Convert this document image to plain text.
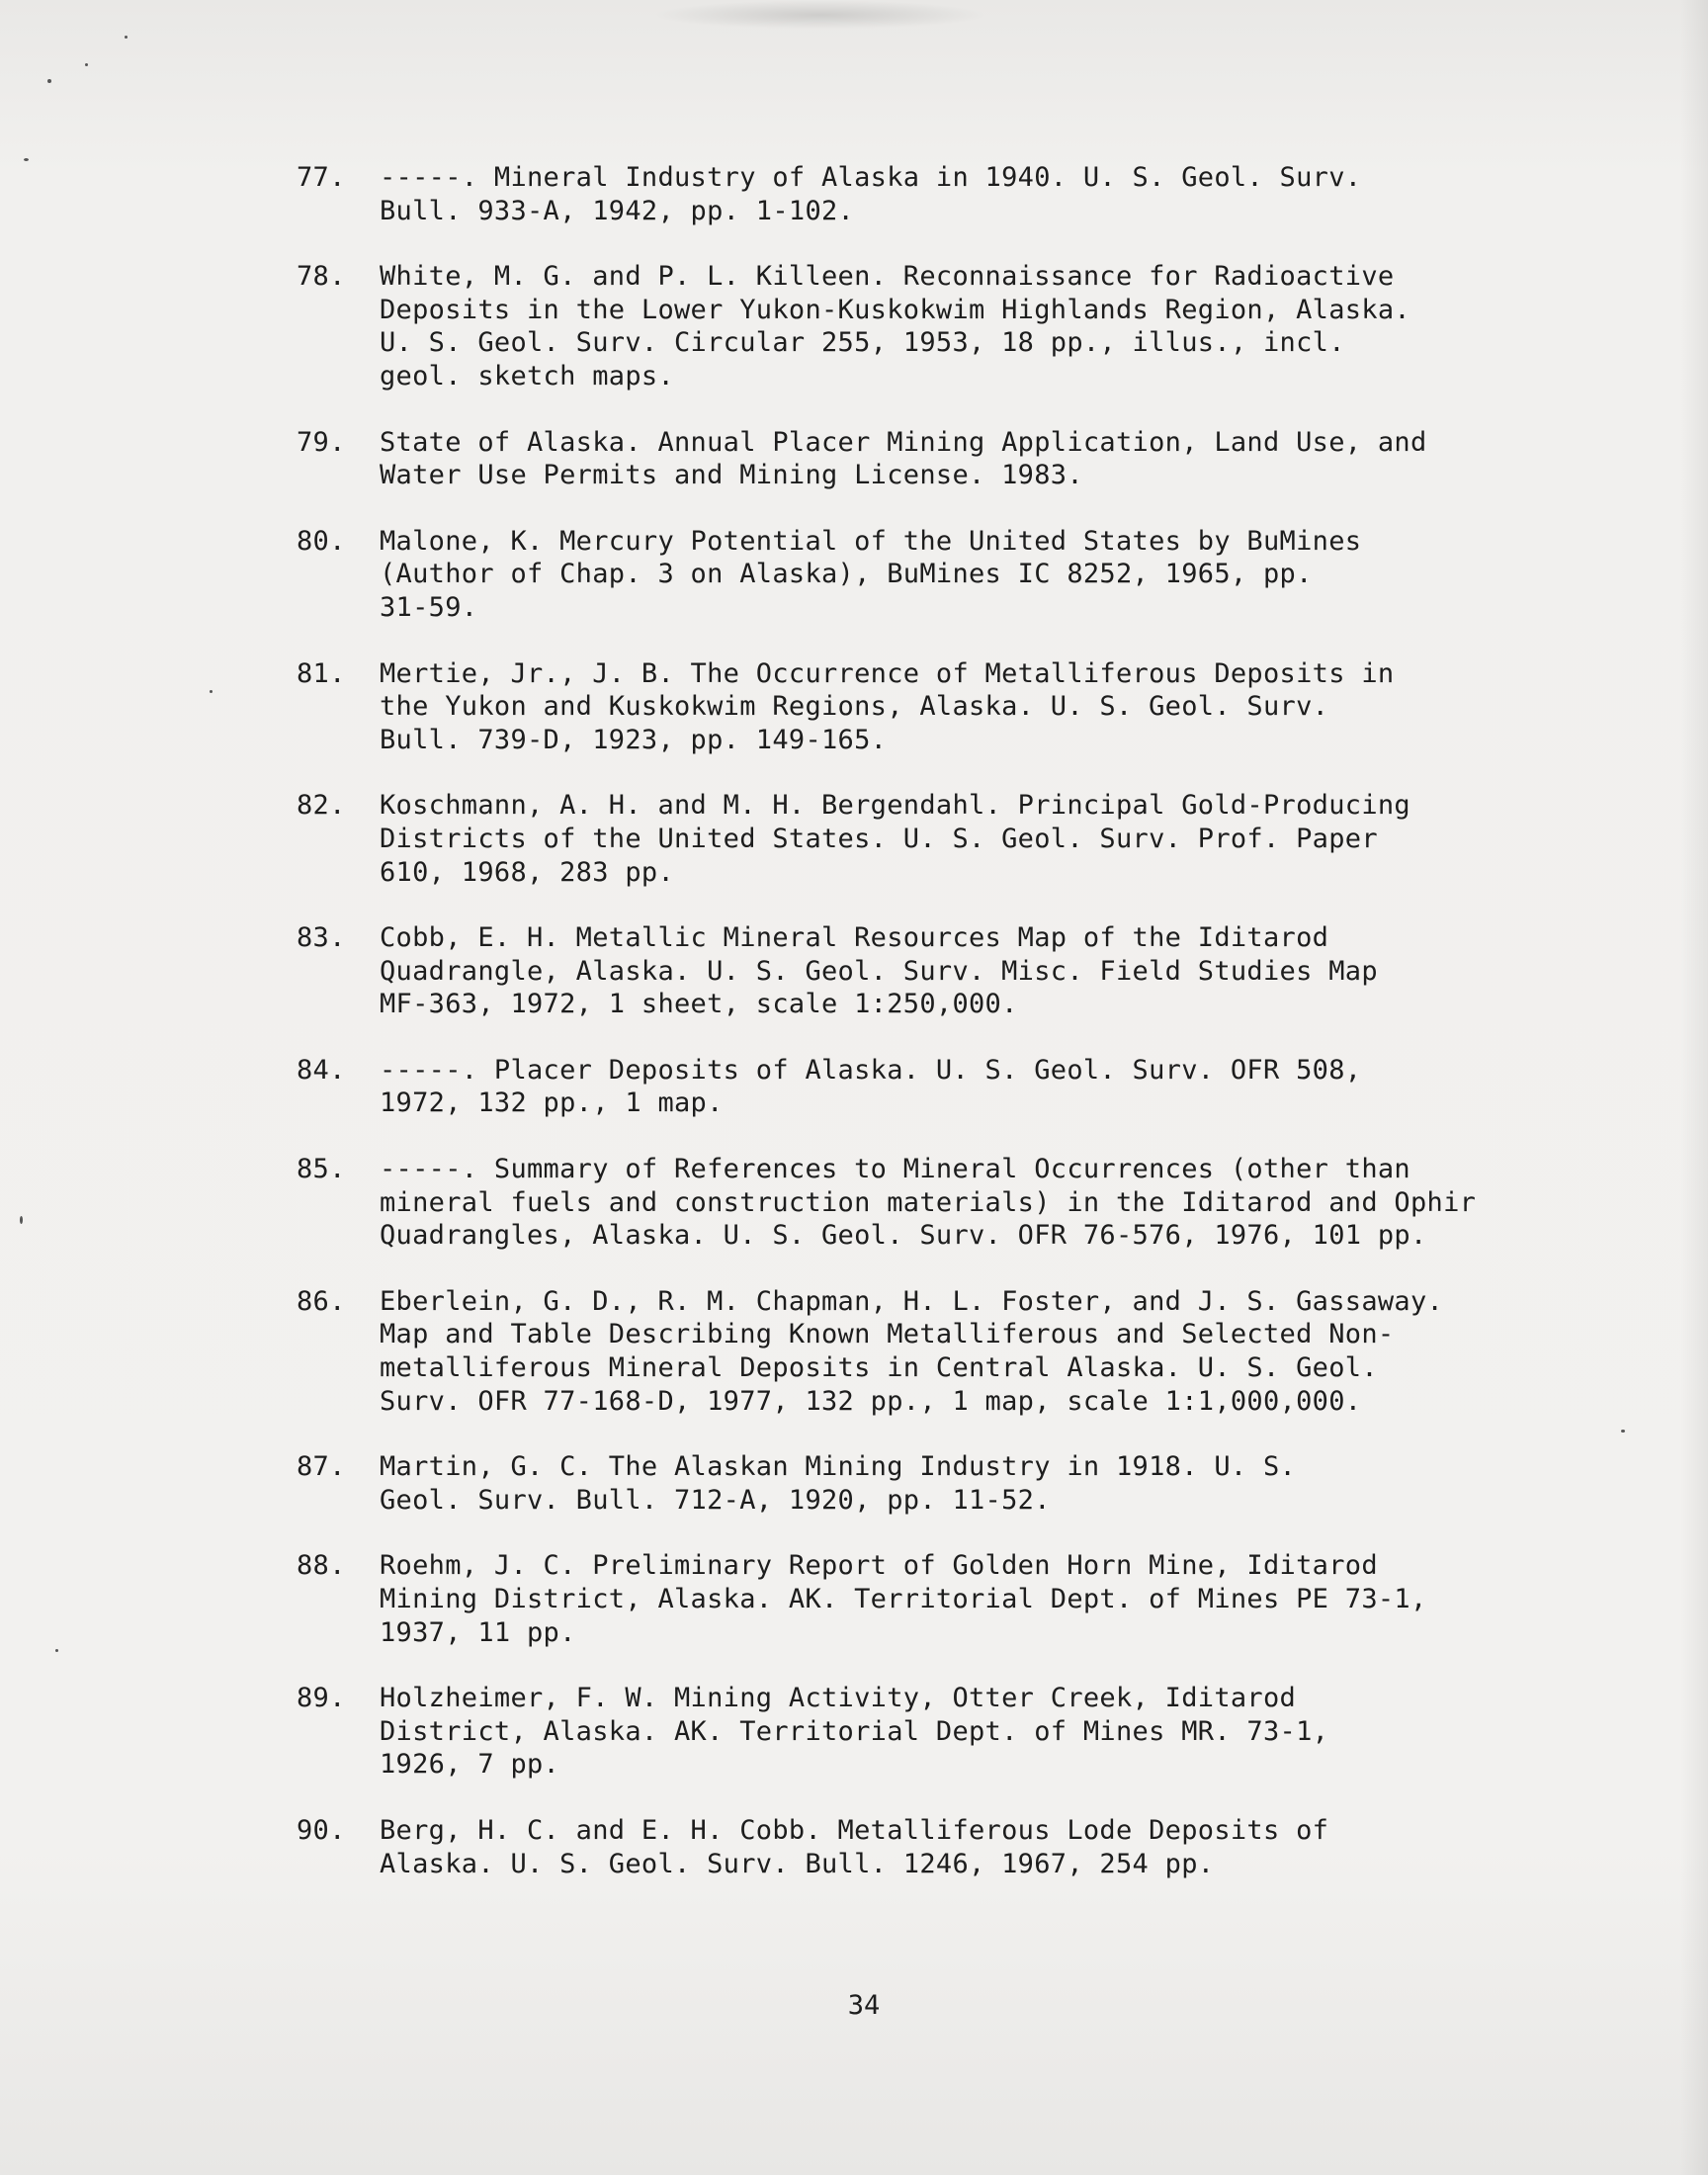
77.	-----. Mineral Industry of Alaska in 1940. U. S. Geol. Surv.
Bull. 933-A, 1942, pp. 1-102.
78.	White, M. G. and P. L. Killeen. Reconnaissance for Radioactive
Deposits in the Lower Yukon-Kuskokwim Highlands Region, Alaska.
U. S. Geol. Surv. Circular 255, 1953, 18 pp., illus., incl.
geol. sketch maps.
79.	State of Alaska. Annual Placer Mining Application, Land Use, and
Water Use Permits and Mining License. 1983.
80.	Malone, K. Mercury Potential of the United States by BuMines
(Author of Chap. 3 on Alaska), BuMines IC 8252, 1965, pp.
31-59.
81.	Mertie, Jr., J. B. The Occurrence of Metalliferous Deposits in
the Yukon and Kuskokwim Regions, Alaska. U. S. Geol. Surv.
Bull. 739-D, 1923, pp. 149-165.
82.	Koschmann, A. H. and M. H. Bergendahl. Principal Gold-Producing
Districts of the United States. U. S. Geol. Surv. Prof. Paper
610, 1968, 283 pp.
83.	Cobb, E. H. Metallic Mineral Resources Map of the Iditarod
Quadrangle, Alaska. U. S. Geol. Surv. Misc. Field Studies Map
MF-363, 1972, 1 sheet, scale 1:250,000.
84.	-----. Placer Deposits of Alaska. U. S. Geol. Surv. OFR 508,
1972, 132 pp., 1 map.
85.	-----. Summary of References to Mineral Occurrences (other than
mineral fuels and construction materials) in the Iditarod and Ophir
Quadrangles, Alaska. U. S. Geol. Surv. OFR 76-576, 1976, 101 pp.
86.	Eberlein, G. D., R. M. Chapman, H. L. Foster, and J. S. Gassaway.
Map and Table Describing Known Metalliferous and Selected Non-
metalliferous Mineral Deposits in Central Alaska. U. S. Geol.
Surv. OFR 77-168-D, 1977, 132 pp., 1 map, scale 1:1,000,000.
87.	Martin, G. C. The Alaskan Mining Industry in 1918. U. S.
Geol. Surv. Bull. 712-A, 1920, pp. 11-52.
88.	Roehm, J. C. Preliminary Report of Golden Horn Mine, Iditarod
Mining District, Alaska. AK. Territorial Dept. of Mines PE 73-1,
1937, 11 pp.
89.	Holzheimer, F. W. Mining Activity, Otter Creek, Iditarod
District, Alaska. AK. Territorial Dept. of Mines MR. 73-1,
1926, 7 pp.
90.	Berg, H. C. and E. H. Cobb. Metalliferous Lode Deposits of
Alaska. U. S. Geol. Surv. Bull. 1246, 1967, 254 pp.
34
